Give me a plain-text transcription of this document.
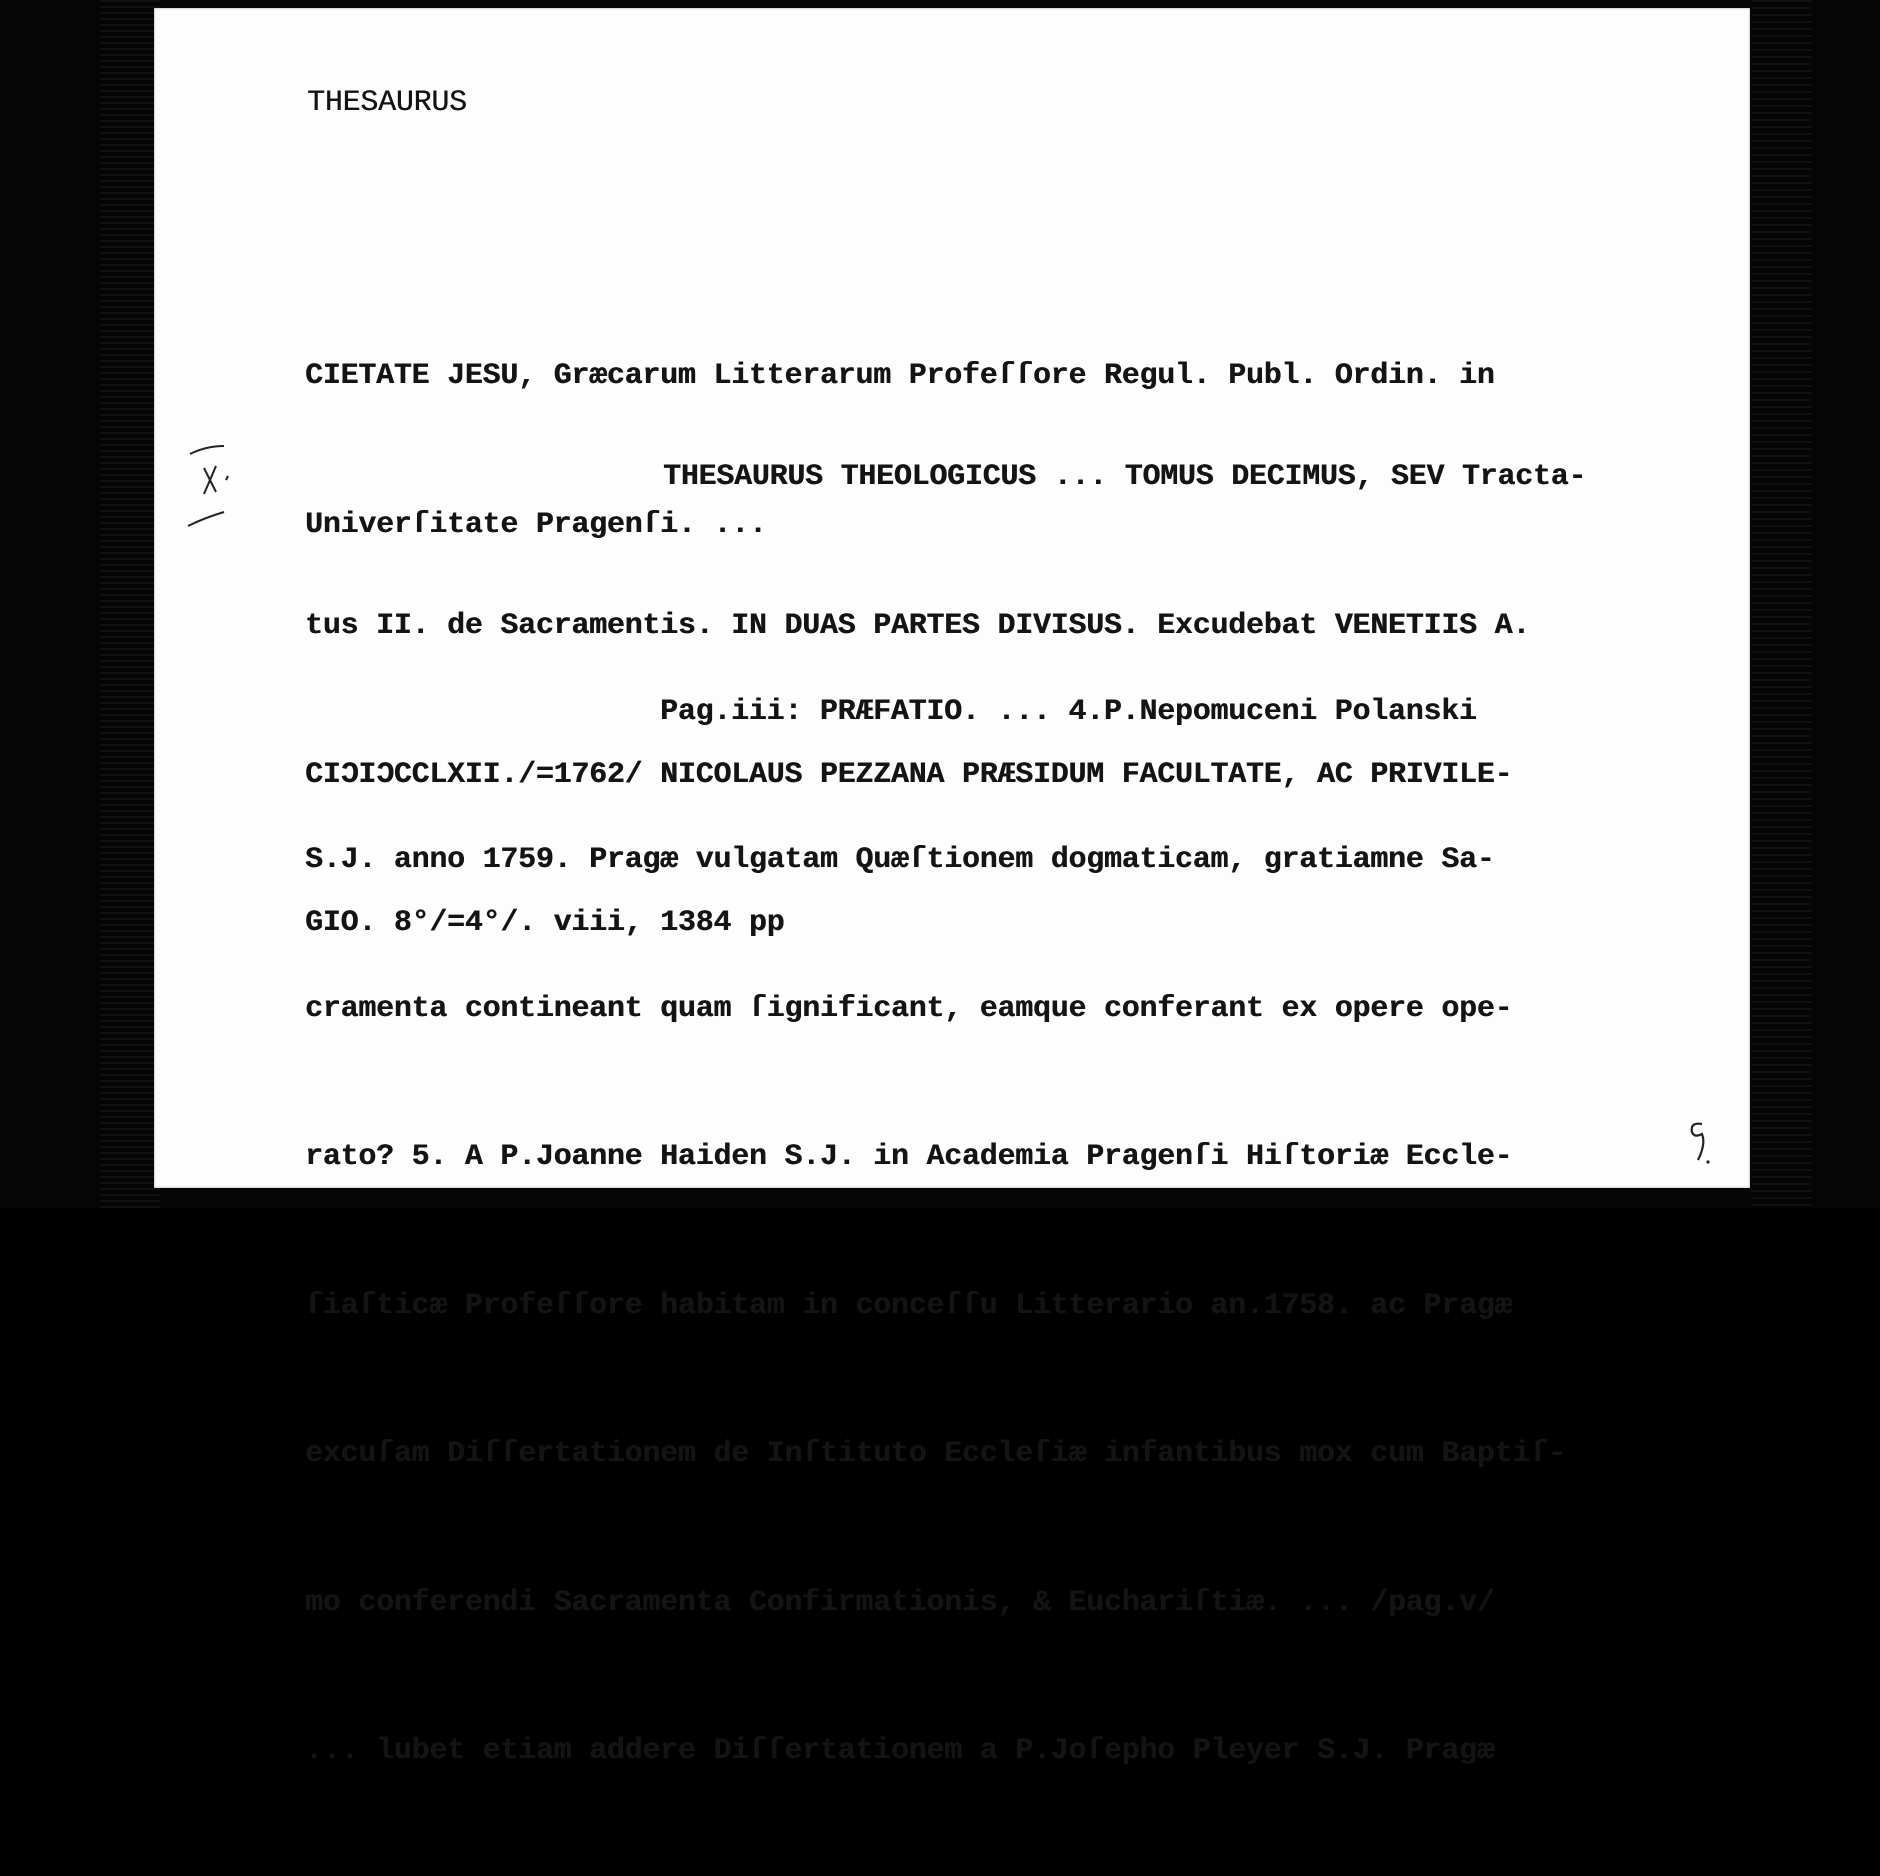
THESAURUS

CIETATE JESU, Græcarum Litterarum Profeſſore Regul. Publ. Ordin. in

Univerſitate Pragenſi. ...

THESAURUS THEOLOGICUS ... TOMUS DECIMUS, SEV Tracta-

tus II. de Sacramentis. IN DUAS PARTES DIVISUS. Excudebat VENETIIS A.

CIƆIƆCCLXII./=1762/ NICOLAUS PEZZANA PRÆSIDUM FACULTATE, AC PRIVILE-

GIO. 8°/=4°/. viii, 1384 pp

Pag.iii: PRÆFATIO. ... 4.P.Nepomuceni Polanski

S.J. anno 1759. Pragæ vulgatam Quæſtionem dogmaticam, gratiamne Sa-

cramenta contineant quam ſignificant, eamque conferant ex opere ope-

rato? 5. A P.Joanne Haiden S.J. in Academia Pragenſi Hiſtoriæ Eccle-

ſiaſticæ Profeſſore habitam in conceſſu Litterario an.1758. ac Pragæ

excuſam Diſſertationem de Inſtituto Eccleſiæ infantibus mox cum Baptiſ-

mo conferendi Sacramenta Confirmationis, & Euchariſtiæ. ... /pag.v/

... lubet etiam addere Diſſertationem a P.Joſepho Pleyer S.J. Pragæ
